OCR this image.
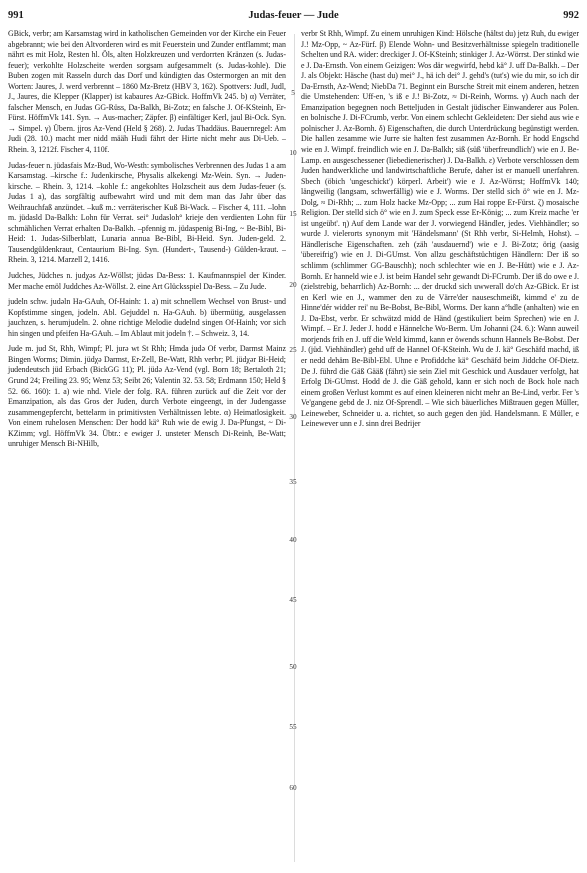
991	Judas-feuer — Jude	992

GBick, verbr; am Karsamstag wird in katholischen Gemeinden vor der Kirche ein Feuer abgebrannt; wie bei den Altvorderen wird es mit Feuerstein und Zunder entflammt; man nährt es mit Holz, Resten hl. Öls, alten Holzkreuzen und verdorrten Kränzen (s. Judas-feuer); verkohlte Holzscheite werden sorgsam aufgesammelt (s. Judas-kohle). Die Buben zogen mit Rasseln durch das Dorf und kündigten das Ostermorgen an mit den Worten: Jaures, J. werd verbrennt – 1860 Mz-Bretz (HBV 3, 162). Spottvers: Judl, Judl, J., Jaures, die Klepper (Klapper) ist kabaures Az-GBick. HoffmVk 245. b) α) Verräter, falscher Mensch, en Judas GG-Rüss, Da-Balkh, Bi-Zotz; en falsche J. Of-KSteinh, Er-Fürst. HöffmVk 141. Syn. → Aus-macher; Zäpfer. β) einfältiger Kerl, jaul Bi-Ock. Syn. → Simpel. γ) Übern. jjros Az-Vend (Held § 268). 2. Judas Thaddäus. Bauernregel: Am Judi (28. 10.) macht mer nidd määh Hudi fährt der Hirte nicht mehr aus Di-Ueb. – Rhein. 3, 1212f. Fischer 4, 110f.

Judas-feuer n. jüdasfais Mz-Bud, Wo-Westh: symbolisches Verbrennen des Judas 1 a am Karsamstag. –kirsche f.: Judenkirsche, Physalis alkekengi Mz-Wein. Syn. → Juden-kirsche. – Rhein. 3, 1214. –kohle f.: angekohltes Holzscheit aus dem Judas-feuer (s. Judas 1 a), das sorgfältig aufbewahrt wird und mit dem man das Jahr über das Weihrauchfaß anzündet. –kuß m.: verräterischer Kuß Bi-Wack. – Fischer 4, 111. –lohn m. jüdasld Da-Balkh: Lohn für Verrat. sei° Judasloh° krieje den verdienten Lohn für schmählichen Verrat erhalten Da-Balkh. –pfennig m. jüdaspenig Bi-Ing, ~ Be-Bibl, Bi-Heid: 1. Judas-Silberblatt, Lunaria annua Be-Bibl, Bi-Heid. Syn. Juden-geld. 2. Tausendgüldenkraut, Centaurium Bi-Ing. Syn. (Hundert-, Tausend-) Gülden-kraut. – Rhein. 3, 1214. Marzell 2, 1416.

Judches, Jüdches n. judχəs Az-Wöllst; jüdəs Da-Bess: 1. Kaufmannspiel der Kinder. Mer mache emöl Juddches Az-Wöllst. 2. eine Art Glücksspiel Da-Bess. – Zu Jude.

judeln schw. judəln Ha-GAuh, Of-Hainh: 1. a) mit schnellem Wechsel von Brust- und Kopfstimme singen, jodeln. Abl. Gejuddel n. Ha-GAuh. b) übermütig, ausgelassen jauchzen, s. herumjudeln. 2. ohne richtige Melodie dudelnd singen Of-Hainh; vor sich hin singen und pfeifen Ha-GAuh. – Im Ablaut mit jodeln †. – Schweiz. 3, 14.

Jude m. jud St, Rhh, Wimpf; Pl. jurə wt St Rhh; Hmda judə Of verbr, Darmst Mainz Bingen Worms; Dimin. jüdχə Darmst, Er-Zell, Be-Watt, Rhh verbr; Pl. jüdχər Bi-Heid; judendeutsch jüd Erbach (BickGG 11); Pl. jüdə Az-Vend (vgl. Born 18; Bertaloth 21; Grund 24; Freiling 23. 95; Wenz 53; Seibt 26; Valentin 32. 53. 58; Erdmann 150; Held § 52. 66. 160): 1. a) wie nhd. Viele der folg. RA. führen zurück auf die Zeit vor der Emanzipation, als das Gros der Juden, durch Verbote eingeengt, in der Judengasse zusammengepfercht, bettelarm in primitivsten Verhältnissen lebte. α) Heimatlosigkeit. Von einem ruhelosen Menschen: Der hodd kä° Ruh wie de ewig J. Da-Pfungst, ~ Di-KZimm; vgl. HöffmVk 34. Übtr.: e ewiger J. unsteter Mensch Di-Reinh, Be-Watt; unruhiger Mensch Bi-NHilb,

verbr St Rhh, Wimpf. Zu einem unruhigen Kind: Hölsche (hältst du) jetz Ruh, du ewiger J.! Mz-Opp, ~ Az-Fürf. β) Elende Wohn- und Besitzverhältnisse spiegeln traditionelle Schelten und RA. wider: dreckiger J. Of-KSteinh; stinkiger J. Az-Wörrst. Der stinkd wie e J. Da-Ernsth. Von einem Geizigen: Wos där wegwirfd, hebd kä° J. uff Da-Balkh. – Der J. als Objekt: Häsche (hast du) mei° J., hä ich dei° J. gehd's (tut's) wie du mir, so ich dir Da-Ernsth, Az-Wend; NiebDa 71. Beginnt ein Bursche Streit mit einem anderen, hetzen die Umstehenden: Uff-en, 's iß e J.! Bi-Zotz, ≈ Di-Reinh, Worms. γ) Auch nach der Emanzipation begegnen noch Betteljuden in Gestalt jüdischer Einwanderer aus Polen. en bolnische J. Di-FCrumb, verbr. Von einem schlecht Gekleideten: Der siehd aus wie e polnischer J. Az-Bornh. δ) Eigenschaften, die durch Unterdrückung begünstigt werden. Die hallen zesamme wie Jurre sie halten fest zusammen Az-Bornh. Er hodd Engschd wie en J. Wimpf. freindlich wie en J. Da-Balkh; siß (süß 'überfreundlich') wie en J. Be-Lamp. en ausgeschessener (liebedienerischer) J. Da-Balkh. ε) Verbote verschlossen dem Juden handwerkliche und landwirtschaftliche Berufe, daher ist er manuell unerfahren. Sbech (öbich 'ungeschickt') körperl. Arbeit') wie e J. Az-Wörrst; HoffmVk 140; längweilig (langsam, schwerfällig) wie e J. Worms. Der stelld sich ö° wie en J. Mz-Dolg, ≈ Di-Rhh; ... zum Holz hacke Mz-Opp; ... zum Hai roppe Er-Fürst. ζ) mosaische Religion. Der stelld sich ö° wie en J. zum Speck esse Er-König; ... zum Kreiz mache 'er ist ungeübt'. η) Auf dem Lande war der J. vorwiegend Händler, jedes. Viehhändler; so wurde J. vielerorts synonym mit 'Händelsmann' (St Rhh verbr, Si-Helmh, Hohst). – Händlerische Eigenschaften. zeh (zäh 'ausdauernd') wie e J. Bi-Zotz; örig (aasig 'übereifrig') wie en J. Di-GUmst. Von allzu geschäftstüchtigen Händlern: Der iß so schlimm (schlimmer GG-Bauschh); noch schlechter wie en J. Be-Hütt) wie e J. Az-Bornh. Er hanneld wie e J. ist beim Handel sehr gewandt Di-FCrumb. Der iß do owe e J. (zielstrebig, beharrlich) Az-Bornh: ... der druckd sich uwwerall do'ch Az-GBick. Er ist en Kerl wie en J., wammer den zu de Värre'der nauseschmeißt, kimmd e' zu de Hinne'dér widder rei' nu Be-Bobst, Be-Bibl, Worms. Der kann a°hdle (anhalten) wie en J. Da-Ebst, verbr. Er schwätzd midd de Händ (gestikuliert beim Sprechen) wie en J. Wimpf. – Er J. Jeder J. hodd e Hännelche Wo-Berm. Um Johanni (24. 6.): Wann auweil morjends frih en J. uff die Weld kimmd, kann er öwends schunn Hannels Be-Bobst. Der J. (jüd. Viehhändler) gehd uff de Hannel Of-KSteinh. Wu de J. kä° Geschäfd machd, iß er nedd dehäm Be-Bibl-Ebl. Uhne e Profiddche kä° Geschäfd beim Jiddche Of-Dietz. De J. führd die Gäß Gääß (fährt) sie sein Ziel mit Geschick und Ausdauer verfolgt, hat Erfolg Di-GUmst. Hodd de J. die Gäß gehold, kann er sich noch de Bock hole nach einem großen Verlust kommt es auf einen kleineren nicht mehr an Be-Lind, verbr. Fer 's Ve'gangene gebd de J. niz Of-Sprendl. – Wie sich bäuerliches Mißtrauen gegen Müller, Leineweber, Schneider u. a. richtet, so auch gegen den jüd. Handelsmann. E Müller, e Leinewever unn e J. sinn drei Bedrijer

5
10
15
20
25
30
35
40
45
50
55
60
